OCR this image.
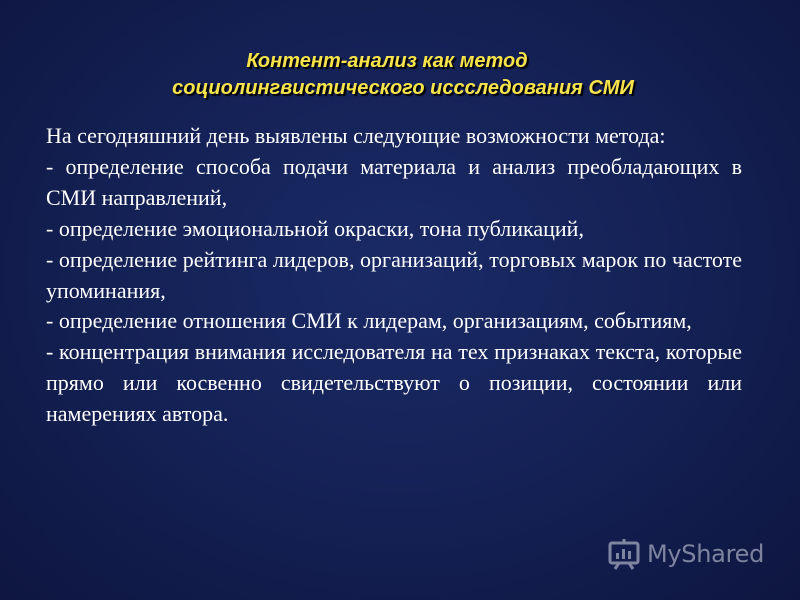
Контент-анализ как метод
социолингвистического иссследования СМИ

На сегодняшний день выявлены следующие возможности метода:

- определение способа подачи материала и анализ преобладающих в СМИ направлений,

- определение эмоциональной окраски, тона публикаций,

- определение рейтинга лидеров, организаций, торговых марок по частоте упоминания,

- определение отношения СМИ к лидерам, организациям, событиям,

- концентрация внимания исследователя на тех признаках текста, которые прямо или косвенно свидетельствуют о позиции, состоянии или намерениях автора.

MyShared
